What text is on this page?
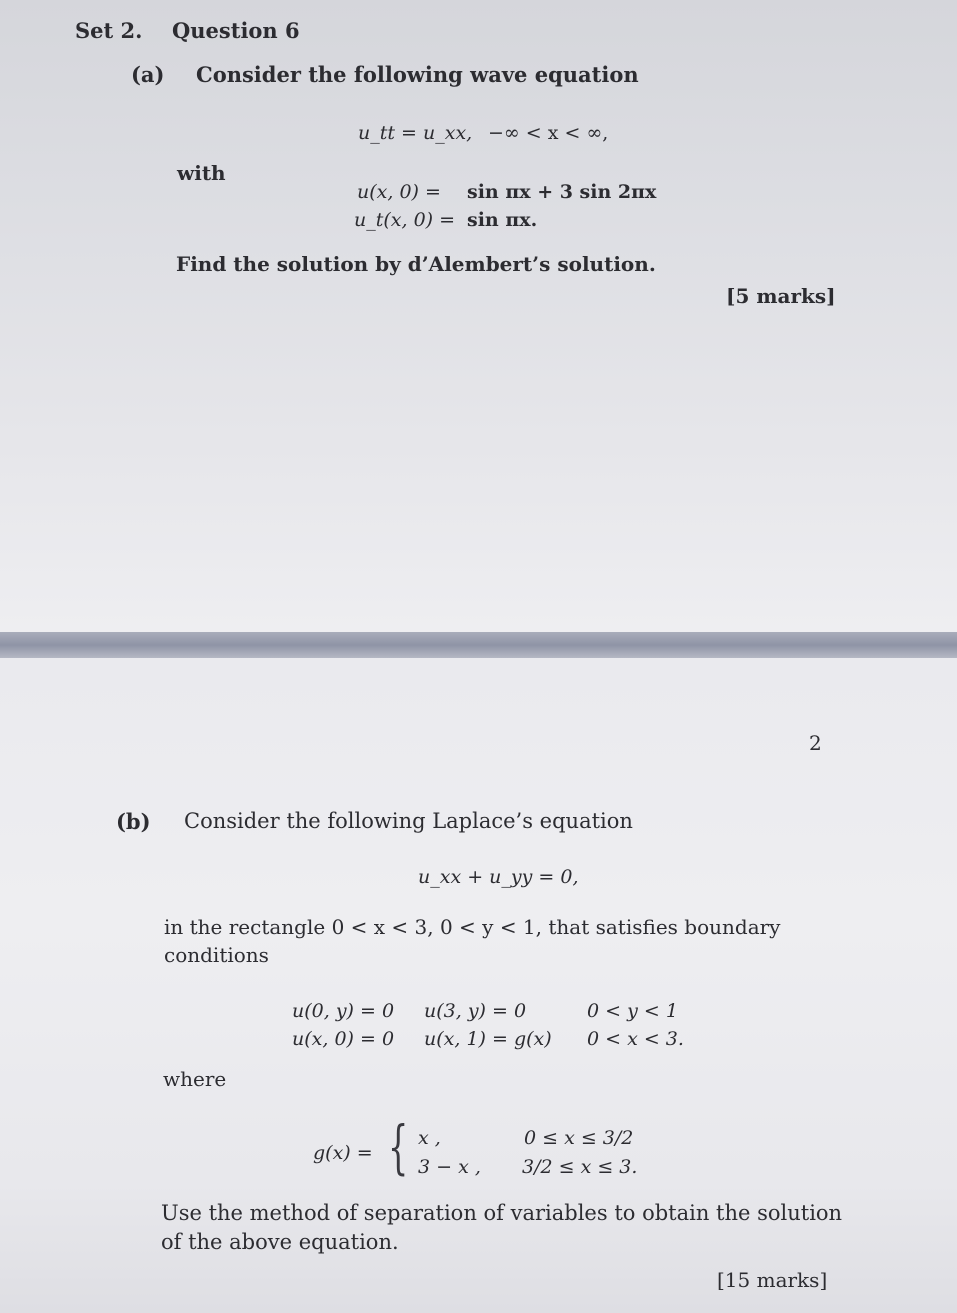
Set 2. Question 6
(a) Consider the following wave equation
u_tt = u_xx, −∞ < x < ∞,
with
u(x, 0) = sin πx + 3 sin 2πx
u_t(x, 0) = sin πx.
Find the solution by d’Alembert’s solution.
[5 marks]
2
(b) Consider the following Laplace’s equation
u_xx + u_yy = 0,
in the rectangle 0 < x < 3, 0 < y < 1, that satisfies boundary
conditions
u(0, y) = 0 u(3, y) = 0	0 < y < 1
u(x, 0) = 0 u(x, 1) = g(x) 0 < x < 3.
where
g(x) = { x ,	0 ≤ x ≤ 3/2
3 − x , 3/2 ≤ x ≤ 3.
Use the method of separation of variables to obtain the solution
of the above equation.
[15 marks]
